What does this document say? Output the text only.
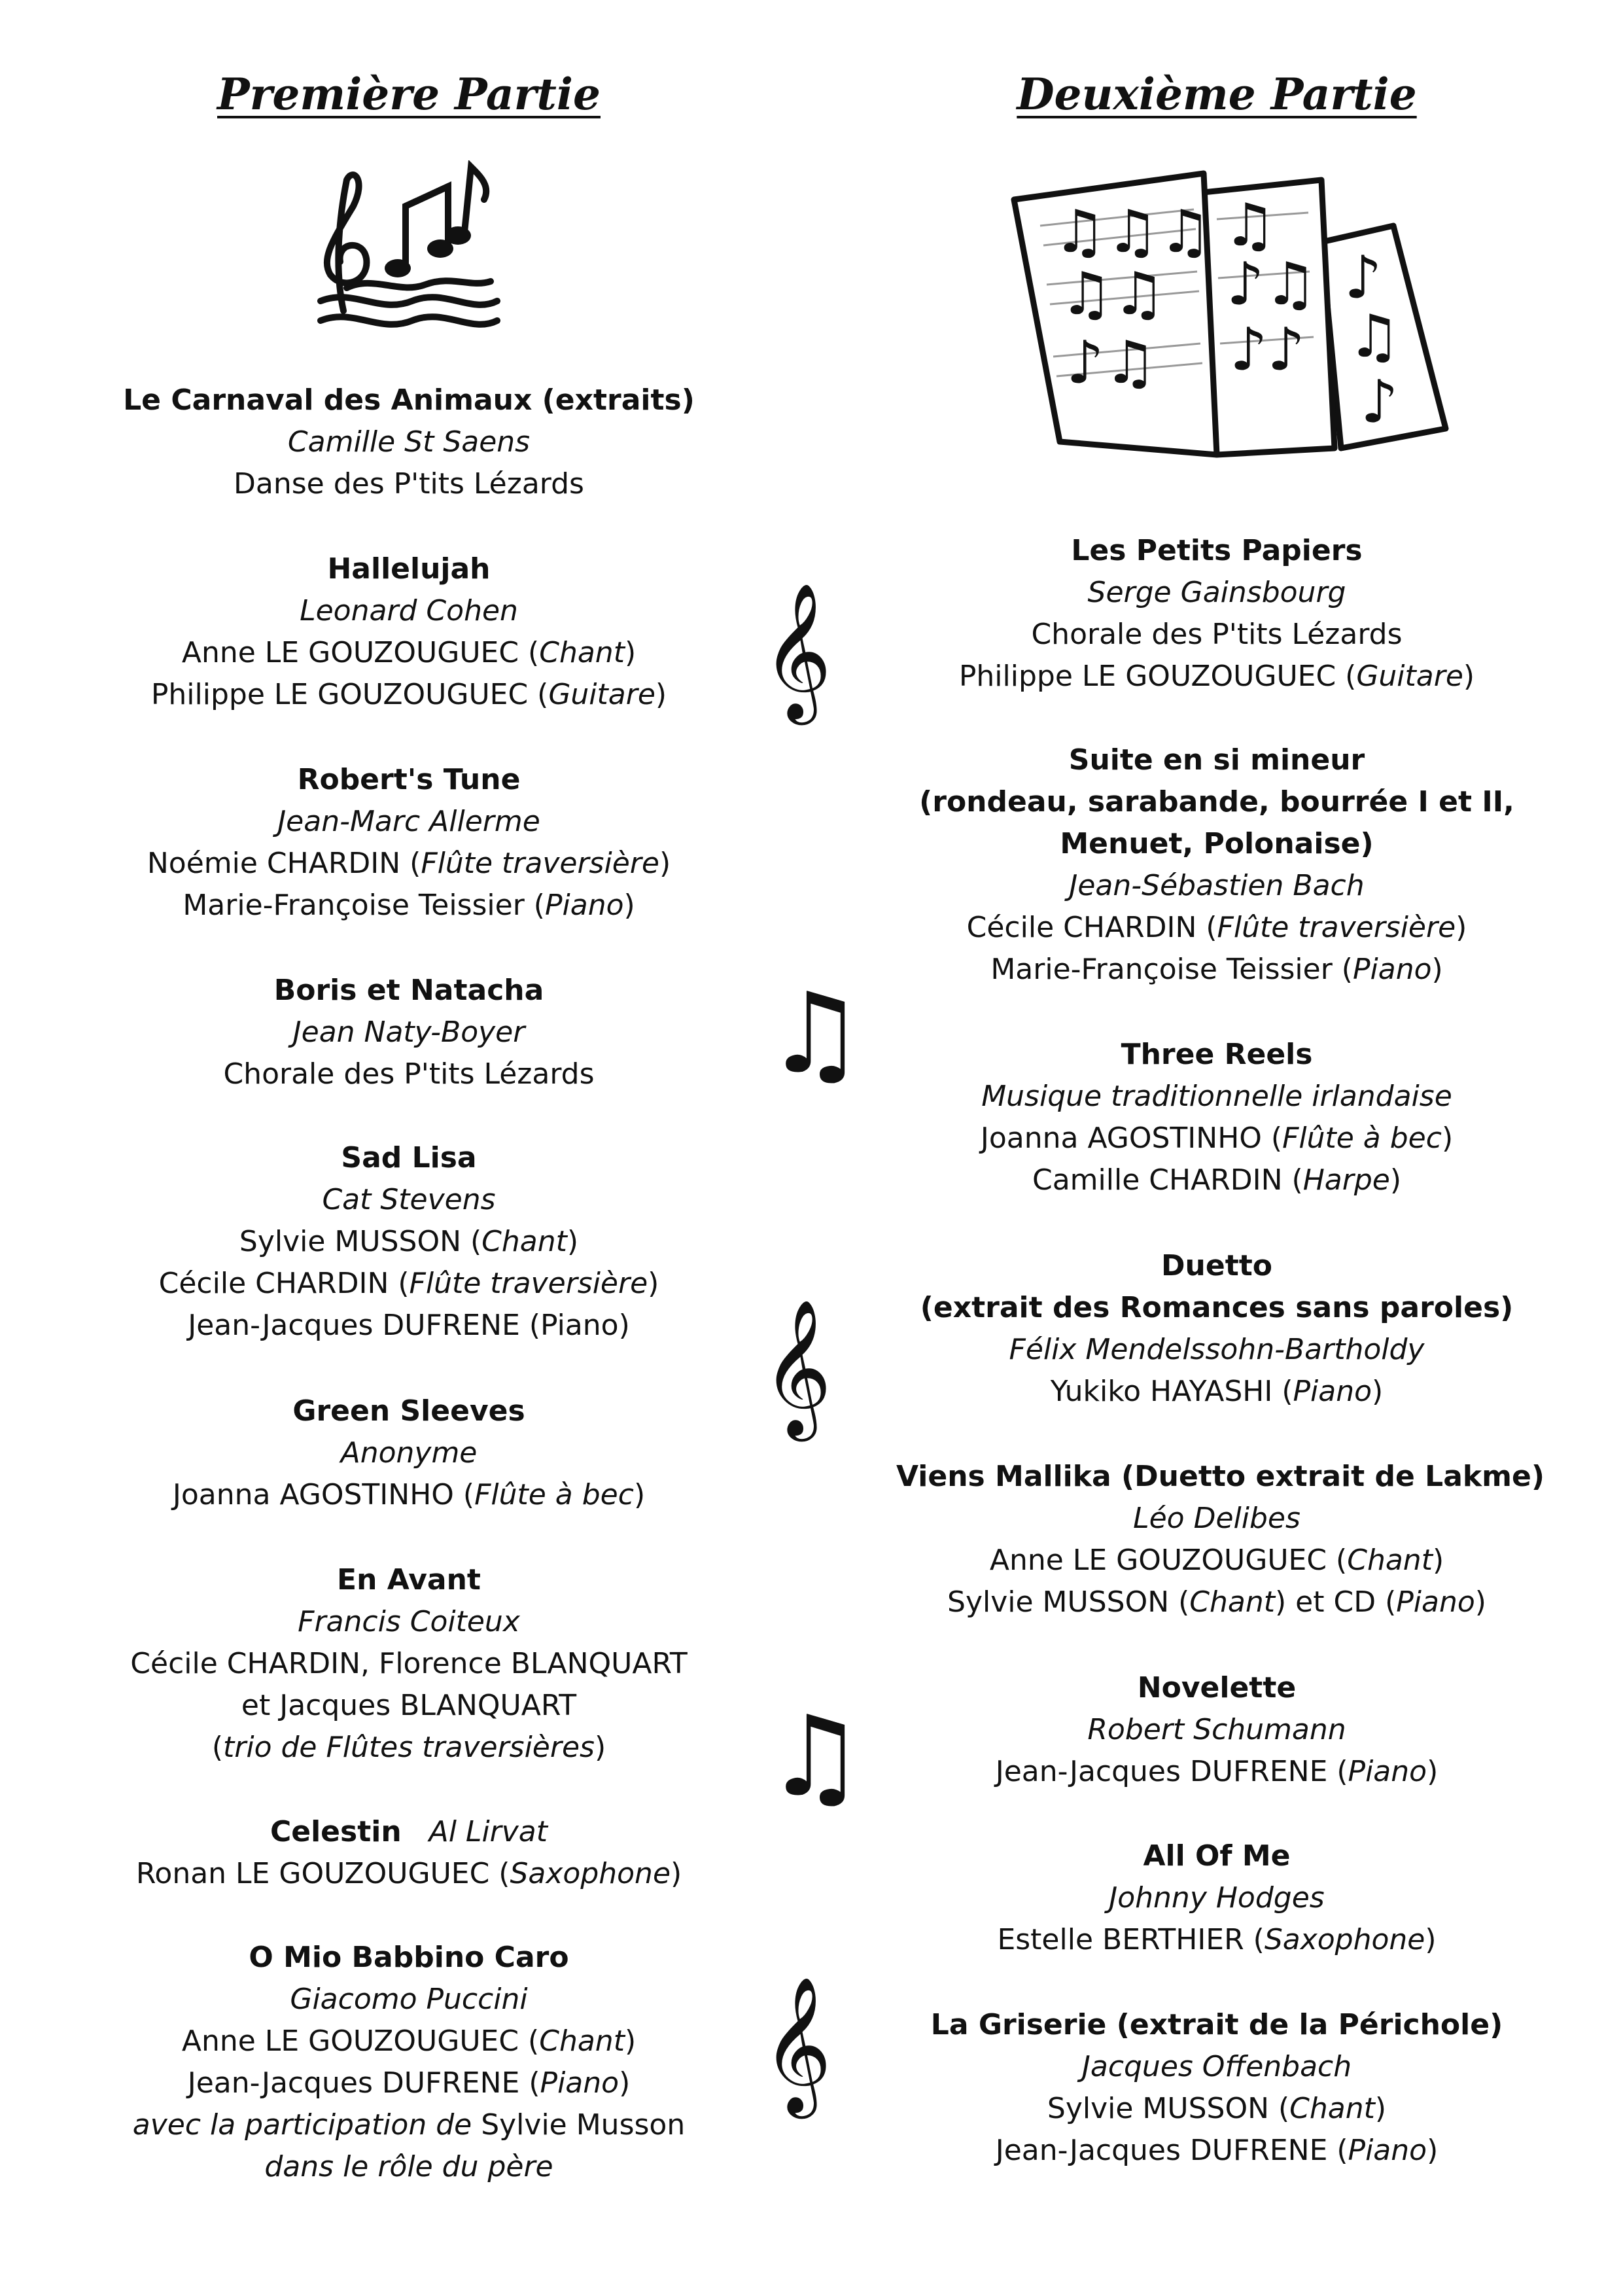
Première Partie	Deuxième Partie
♫♫♫
♫♫
♪♫
♫
♪♫
♪♪
♪
♫
♪
𝄞
♫
𝄞
♫
𝄞
Le Carnaval des Animaux (extraits)
Camille St Saens
Danse des P'tits Lézards
Hallelujah
Leonard Cohen
Anne LE GOUZOUGUEC (Chant)
Philippe LE GOUZOUGUEC (Guitare)
Robert's Tune
Jean-Marc Allerme
Noémie CHARDIN (Flûte traversière)
Marie-Françoise Teissier (Piano)
Boris et Natacha
Jean Naty-Boyer
Chorale des P'tits Lézards
Sad Lisa
Cat Stevens
Sylvie MUSSON (Chant)
Cécile CHARDIN (Flûte traversière)
Jean-Jacques DUFRENE (Piano)
Green Sleeves
Anonyme
Joanna AGOSTINHO (Flûte à bec)
En Avant
Francis Coiteux
Cécile CHARDIN, Florence BLANQUART
et Jacques BLANQUART
(trio de Flûtes traversières)
Celestin Al Lirvat
Ronan LE GOUZOUGUEC (Saxophone)
O Mio Babbino Caro
Giacomo Puccini
Anne LE GOUZOUGUEC (Chant)
Jean-Jacques DUFRENE (Piano)
avec la participation de Sylvie Musson
dans le rôle du père
Les Petits Papiers
Serge Gainsbourg
Chorale des P'tits Lézards
Philippe LE GOUZOUGUEC (Guitare)
Suite en si mineur
(rondeau, sarabande, bourrée I et II,
Menuet, Polonaise)
Jean-Sébastien Bach
Cécile CHARDIN (Flûte traversière)
Marie-Françoise Teissier (Piano)
Three Reels
Musique traditionnelle irlandaise
Joanna AGOSTINHO (Flûte à bec)
Camille CHARDIN (Harpe)
Duetto
(extrait des Romances sans paroles)
Félix Mendelssohn-Bartholdy
Yukiko HAYASHI (Piano)
Viens Mallika (Duetto extrait de Lakme)
Léo Delibes
Anne LE GOUZOUGUEC (Chant)
Sylvie MUSSON (Chant) et CD (Piano)
Novelette
Robert Schumann
Jean-Jacques DUFRENE (Piano)
All Of Me
Johnny Hodges
Estelle BERTHIER (Saxophone)
La Griserie (extrait de la Périchole)
Jacques Offenbach
Sylvie MUSSON (Chant)
Jean-Jacques DUFRENE (Piano)
